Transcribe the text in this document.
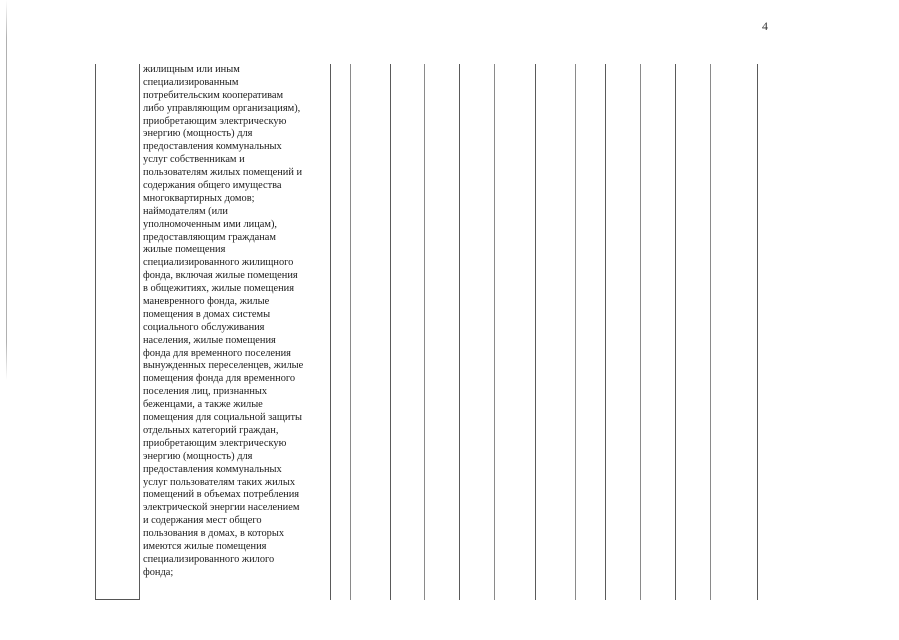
4
жилищным или иным
специализированным
потребительским кооперативам
либо управляющим организациям),
приобретающим электрическую
энергию (мощность) для
предоставления коммунальных
услуг собственникам и
пользователям жилых помещений и
содержания общего имущества
многоквартирных домов;
наймодателям (или
уполномоченным ими лицам),
предоставляющим гражданам
жилые помещения
специализированного жилищного
фонда, включая жилые помещения
в общежитиях, жилые помещения
маневренного фонда, жилые
помещения в домах системы
социального обслуживания
населения, жилые помещения
фонда для временного поселения
вынужденных переселенцев, жилые
помещения фонда для временного
поселения лиц, признанных
беженцами, а также жилые
помещения для социальной защиты
отдельных категорий граждан,
приобретающим электрическую
энергию (мощность) для
предоставления коммунальных
услуг пользователям таких жилых
помещений в объемах потребления
электрической энергии населением
и содержания мест общего
пользования в домах, в которых
имеются жилые помещения
специализированного жилого
фонда;
